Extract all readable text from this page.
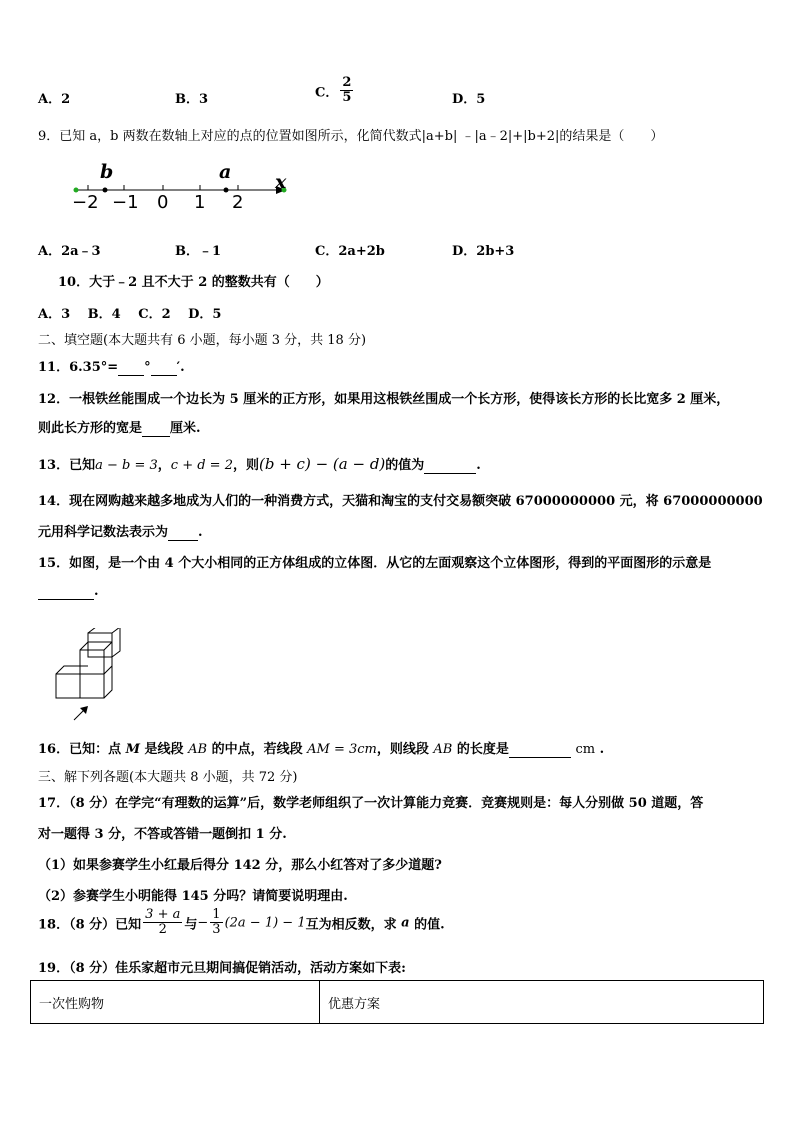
A．2	B．3	C． $\frac{2}{5}$	D．5
9．已知 a，b 两数在数轴上对应的点的位置如图所示，化简代数式|a+b| ﹣|a﹣2|+|b+2|的结果是（　　）
b	a x
−2 −1 0 1 2
A．2a﹣3	B．﹣1	C．2a+2b	D．2b+3
10．大于﹣2 且不大于 2 的整数共有（　　）
A．3　 B．4　 C．2　 D．5
二、填空题(本大题共有 6 小题，每小题 3 分，共 18 分)
11．6.35°= ° ′.
12．一根铁丝能围成一个边长为 5 厘米的正方形，如果用这根铁丝围成一个长方形，使得该长方形的长比宽多 2 厘米，
则此长方形的宽是 厘米.
13．已知a − b = 3，c + d = 2，则(b + c) − (a − d)的值为	.
14．现在网购越来越多地成为人们的一种消费方式，天猫和淘宝的支付交易额突破 67000000000 元，将 67000000000
元用科学记数法表示为 .
15．如图，是一个由 4 个大小相同的正方体组成的立体图．从它的左面观察这个立体图形，得到的平面图形的示意是
.
16．已知：点 M 是线段 AB 的中点，若线段 AM = 3cm，则线段 AB 的长度是	cm .
三、解下列各题(本大题共 8 小题，共 72 分)
17．（8 分）在学完“有理数的运算”后，数学老师组织了一次计算能力竞赛．竞赛规则是：每人分别做 50 道题，答
对一题得 3 分，不答或答错一题倒扣 1 分.
（1）如果参赛学生小红最后得分 142 分，那么小红答对了多少道题?
（2）参赛学生小明能得 145 分吗？请简要说明理由.
18．（8 分）已知 $\frac{3 + a}{2}$ 与− $\frac{1}{3} (2a - 1) - 1$互为相反数，求 a 的值.
19．（8 分）佳乐家超市元旦期间搞促销活动，活动方案如下表:
一次性购物	优惠方案
